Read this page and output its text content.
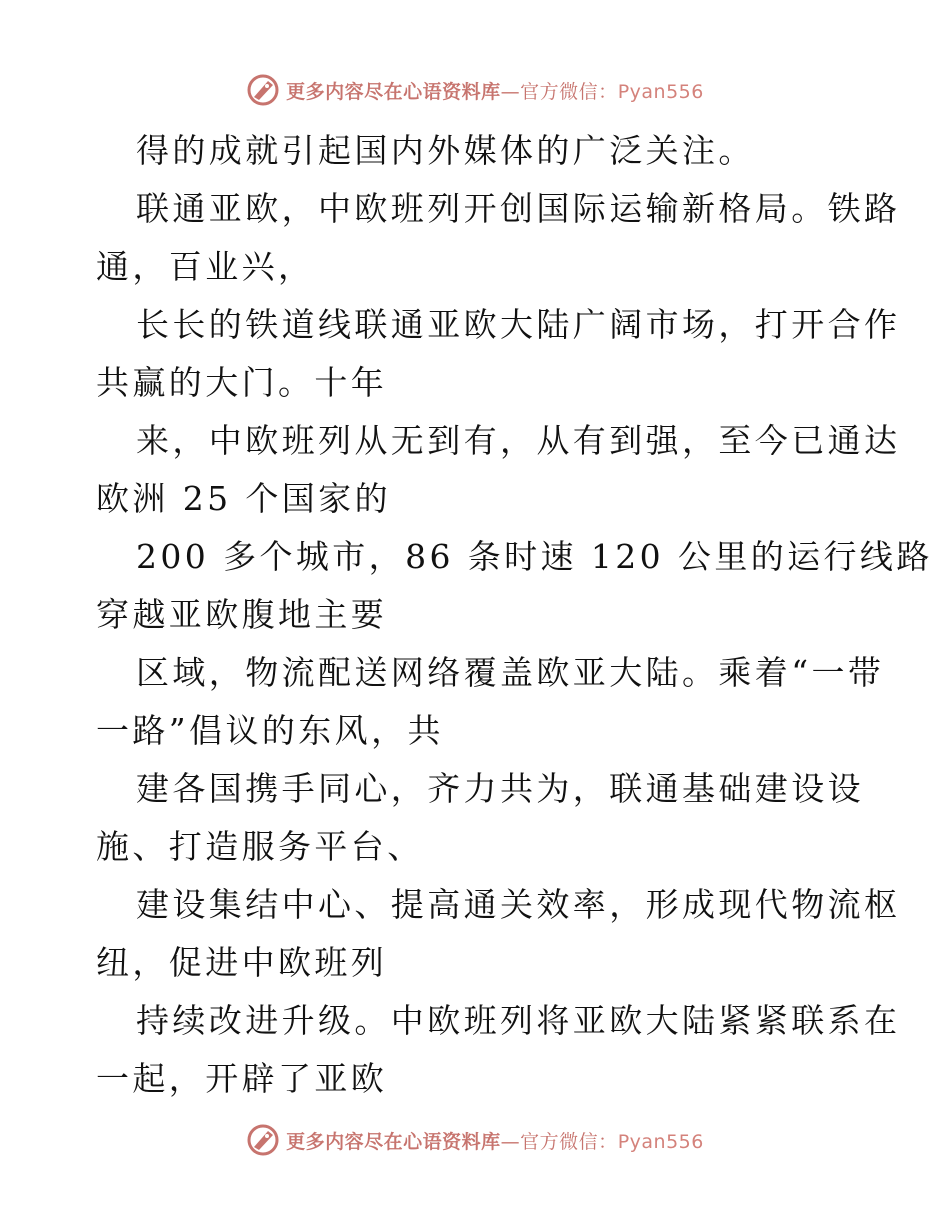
更多内容尽在心语资料库—官方微信：Pyan556
得的成就引起国内外媒体的广泛关注。
联通亚欧，中欧班列开创国际运输新格局。铁路
通，百业兴，
长长的铁道线联通亚欧大陆广阔市场，打开合作
共赢的大门。十年
来，中欧班列从无到有，从有到强，至今已通达
欧洲 25 个国家的
200 多个城市，86 条时速 120 公里的运行线路
穿越亚欧腹地主要
区域，物流配送网络覆盖欧亚大陆。乘着“一带
一路”倡议的东风，共
建各国携手同心，齐力共为，联通基础建设设
施、打造服务平台、
建设集结中心、提高通关效率，形成现代物流枢
纽，促进中欧班列
持续改进升级。中欧班列将亚欧大陆紧紧联系在
一起，开辟了亚欧
更多内容尽在心语资料库—官方微信：Pyan556
